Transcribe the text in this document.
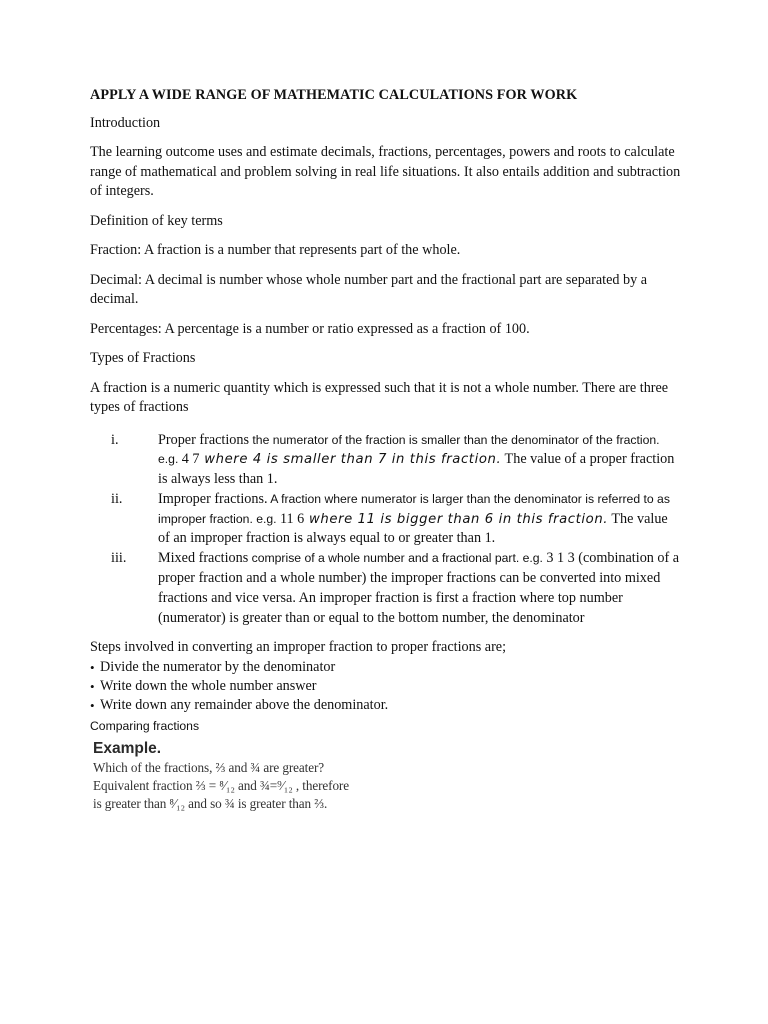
APPLY A WIDE RANGE OF MATHEMATIC CALCULATIONS FOR WORK

Introduction

The learning outcome uses and estimate decimals, fractions, percentages, powers and roots to calculate range of mathematical and problem solving in real life situations. It also entails addition and subtraction of integers.

Definition of key terms

Fraction: A fraction is a number that represents part of the whole.

Decimal: A decimal is number whose whole number part and the fractional part are separated by a decimal.

Percentages: A percentage is a number or ratio expressed as a fraction of 100.

Types of Fractions

A fraction is a numeric quantity which is expressed such that it is not a whole number. There are three types of fractions

i.	Proper fractions the numerator of the fraction is smaller than the denominator of the fraction. e.g. 4 7 where 4 is smaller than 7 in this fraction. The value of a proper fraction is always less than 1.
ii.	Improper fractions. A fraction where numerator is larger than the denominator is referred to as improper fraction. e.g. 11 6 where 11 is bigger than 6 in this fraction. The value of an improper fraction is always equal to or greater than 1.
iii.	Mixed fractions comprise of a whole number and a fractional part. e.g. 3 1 3 (combination of a proper fraction and a whole number) the improper fractions can be converted into mixed fractions and vice versa. An improper fraction is first a fraction where top number (numerator) is greater than or equal to the bottom number, the denominator

Steps involved in converting an improper fraction to proper fractions are;

• Divide the numerator by the denominator
• Write down the whole number answer
• Write down any remainder above the denominator.
Comparing fractions
Example.
Which of the fractions, ⅔ and ¾ are greater?
Equivalent fraction ⅔ = ⁸⁄₁₂ and ¾=⁹⁄₁₂ , therefore
is greater than ⁸⁄₁₂ and so ¾ is greater than ⅔.
